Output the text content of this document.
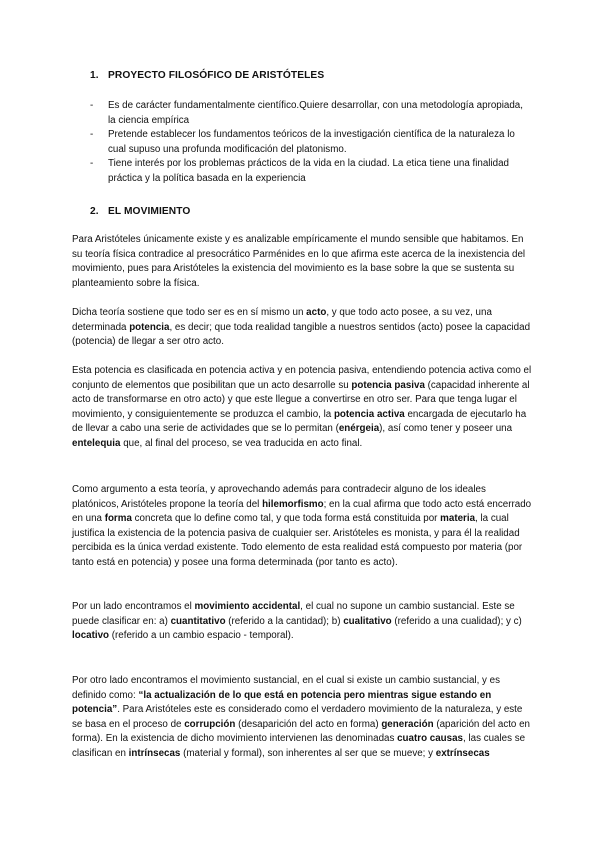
1. PROYECTO FILOSÓFICO DE ARISTÓTELES
- Es de carácter fundamentalmente científico.Quiere desarrollar, con una metodología apropiada, la ciencia empírica
- Pretende establecer los fundamentos teóricos de la investigación científica de la naturaleza lo cual supuso una profunda modificación del platonismo.
- Tiene interés por los problemas prácticos de la vida en la ciudad. La etica tiene una finalidad práctica y la política basada en la experiencia
2. EL MOVIMIENTO

Para Aristóteles únicamente existe y es analizable empíricamente el mundo sensible que habitamos. En su teoría física contradice al presocrático Parménides en lo que afirma este acerca de la inexistencia del movimiento, pues para Aristóteles la existencia del movimiento es la base sobre la que se sustenta su planteamiento sobre la física.

Dicha teoría sostiene que todo ser es en sí mismo un acto, y que todo acto posee, a su vez, una determinada potencia, es decir; que toda realidad tangible a nuestros sentidos (acto) posee la capacidad (potencia) de llegar a ser otro acto.

Esta potencia es clasificada en potencia activa y en potencia pasiva, entendiendo potencia activa como el conjunto de elementos que posibilitan que un acto desarrolle su potencia pasiva (capacidad inherente al acto de transformarse en otro acto) y que este llegue a convertirse en otro ser. Para que tenga lugar el movimiento, y consiguientemente se produzca el cambio, la potencia activa encargada de ejecutarlo ha de llevar a cabo una serie de actividades que se lo permitan (enérgeia), así como tener y poseer una entelequia que, al final del proceso, se vea traducida en acto final.

Como argumento a esta teoría, y aprovechando además para contradecir alguno de los ideales platónicos, Aristóteles propone la teoría del hilemorfismo; en la cual afirma que todo acto está encerrado en una forma concreta que lo define como tal, y que toda forma está constituida por materia, la cual justifica la existencia de la potencia pasiva de cualquier ser. Aristóteles es monista, y para él la realidad percibida es la única verdad existente. Todo elemento de esta realidad está compuesto por materia (por tanto está en potencia) y posee una forma determinada (por tanto es acto).

Por un lado encontramos el movimiento accidental, el cual no supone un cambio sustancial. Este se puede clasificar en: a) cuantitativo (referido a la cantidad); b) cualitativo (referido a una cualidad); y c) locativo (referido a un cambio espacio - temporal).

Por otro lado encontramos el movimiento sustancial, en el cual si existe un cambio sustancial, y es definido como: “la actualización de lo que está en potencia pero mientras sigue estando en potencia”. Para Aristóteles este es considerado como el verdadero movimiento de la naturaleza, y este se basa en el proceso de corrupción (desaparición del acto en forma) generación (aparición del acto en forma). En la existencia de dicho movimiento intervienen las denominadas cuatro causas, las cuales se clasifican en intrínsecas (material y formal), son inherentes al ser que se mueve; y extrínsecas
